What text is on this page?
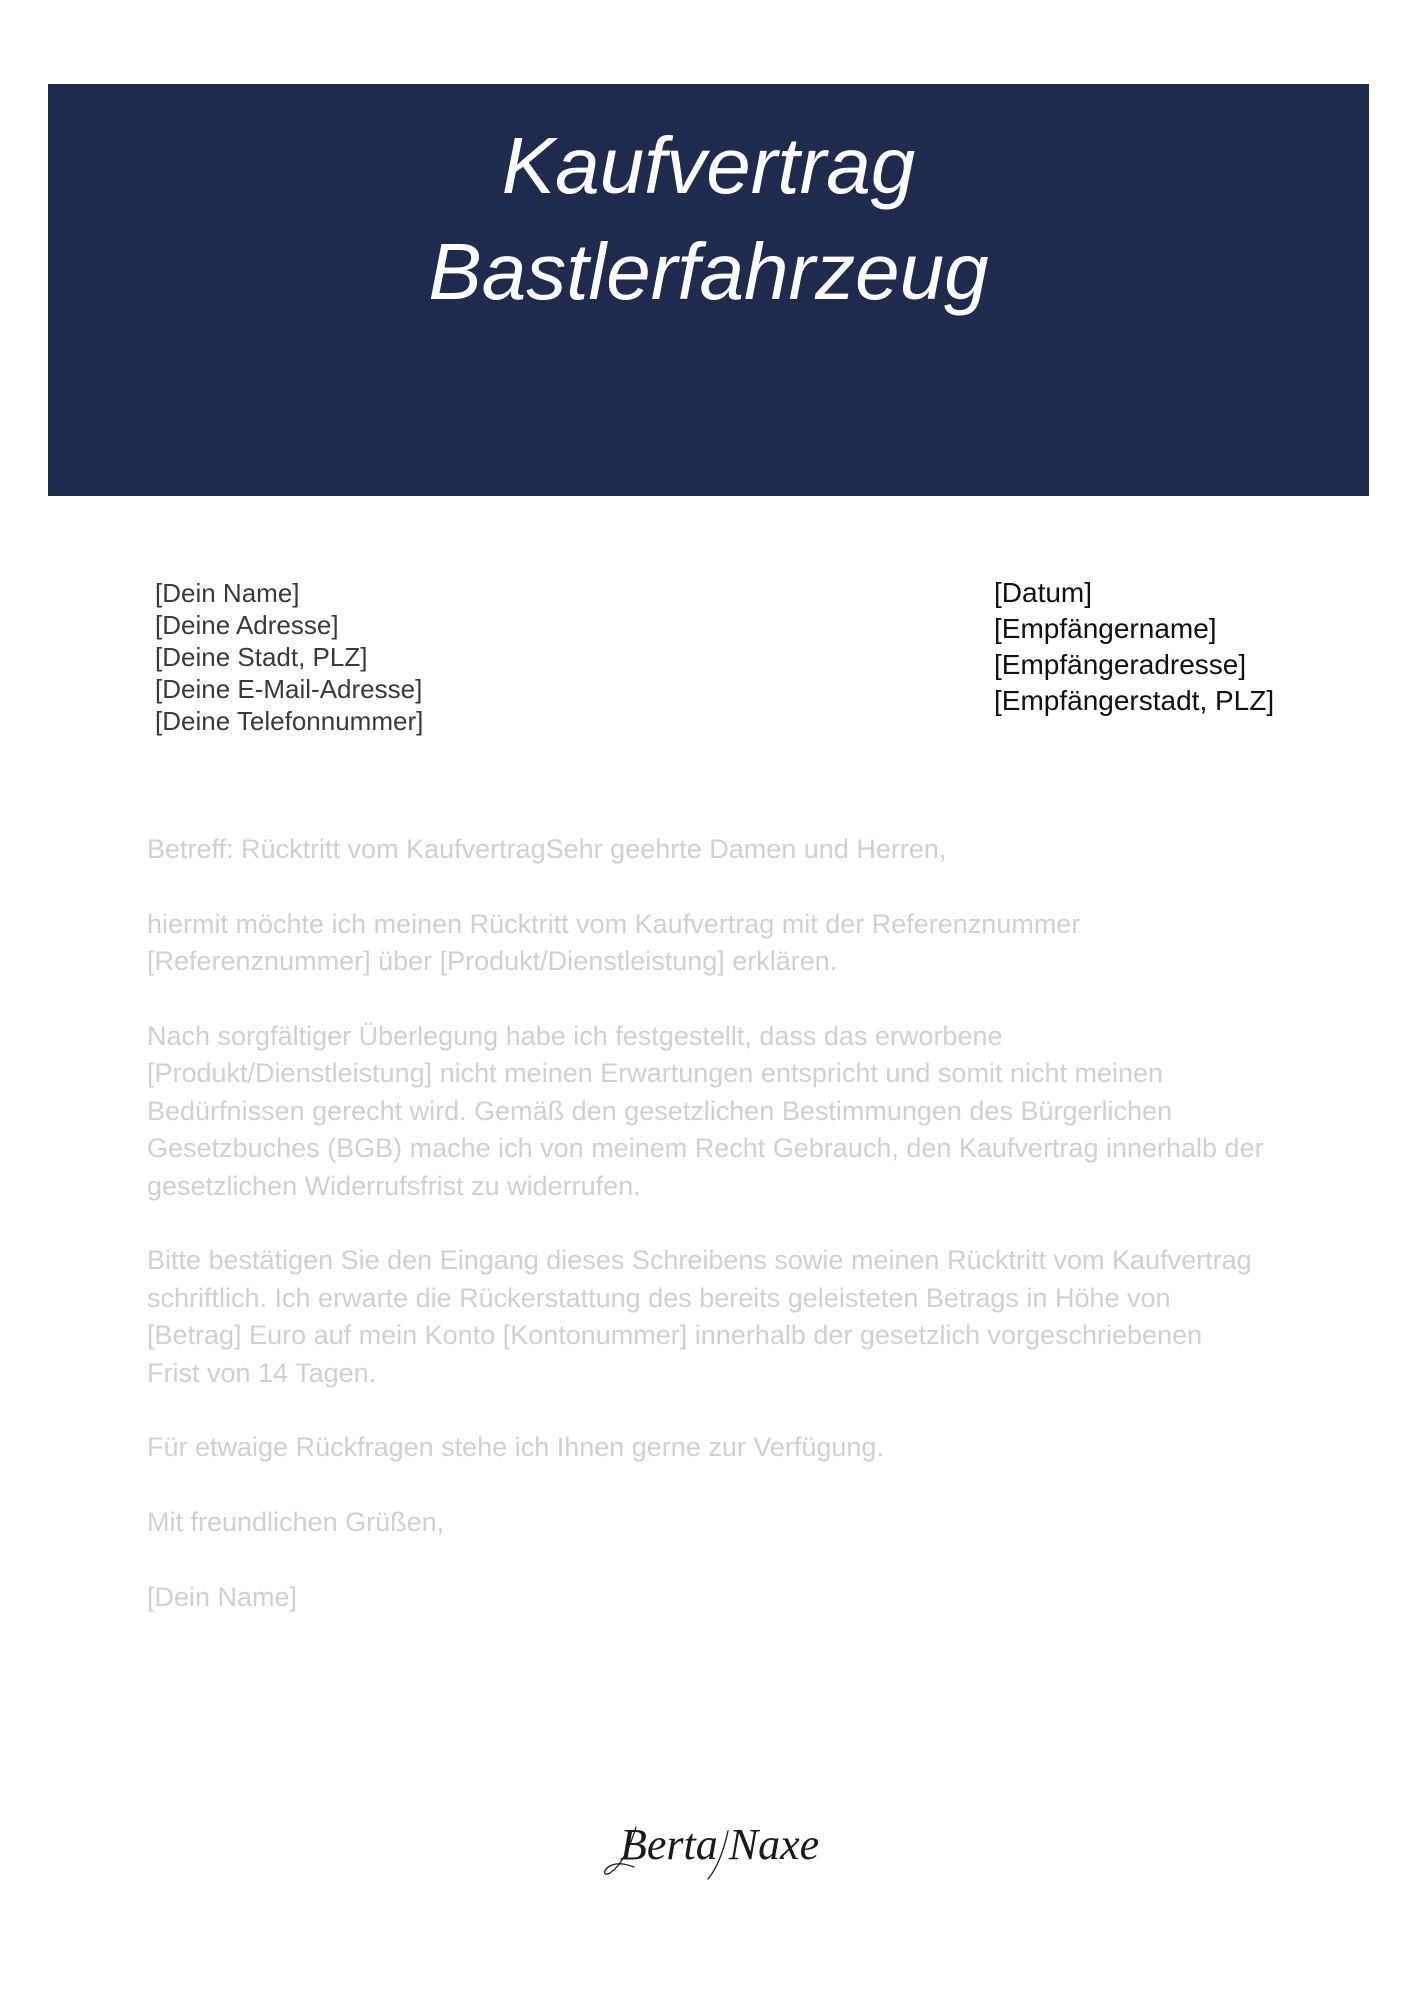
Kaufvertrag
Bastlerfahrzeug
[Dein Name]
[Deine Adresse]
[Deine Stadt, PLZ]
[Deine E-Mail-Adresse]
[Deine Telefonnummer]
[Datum]
[Empfängername]
[Empfängeradresse]
[Empfängerstadt, PLZ]
Betreff: Rücktritt vom KaufvertragSehr geehrte Damen und Herren,
hiermit möchte ich meinen Rücktritt vom Kaufvertrag mit der Referenznummer
[Referenznummer] über [Produkt/Dienstleistung] erklären.
Nach sorgfältiger Überlegung habe ich festgestellt, dass das erworbene
[Produkt/Dienstleistung] nicht meinen Erwartungen entspricht und somit nicht meinen
Bedürfnissen gerecht wird. Gemäß den gesetzlichen Bestimmungen des Bürgerlichen
Gesetzbuches (BGB) mache ich von meinem Recht Gebrauch, den Kaufvertrag innerhalb der
gesetzlichen Widerrufsfrist zu widerrufen.
Bitte bestätigen Sie den Eingang dieses Schreibens sowie meinen Rücktritt vom Kaufvertrag
schriftlich. Ich erwarte die Rückerstattung des bereits geleisteten Betrags in Höhe von
[Betrag] Euro auf mein Konto [Kontonummer] innerhalb der gesetzlich vorgeschriebenen
Frist von 14 Tagen.
Für etwaige Rückfragen stehe ich Ihnen gerne zur Verfügung.
Mit freundlichen Grüßen,
[Dein Name]
Berta Naxe
